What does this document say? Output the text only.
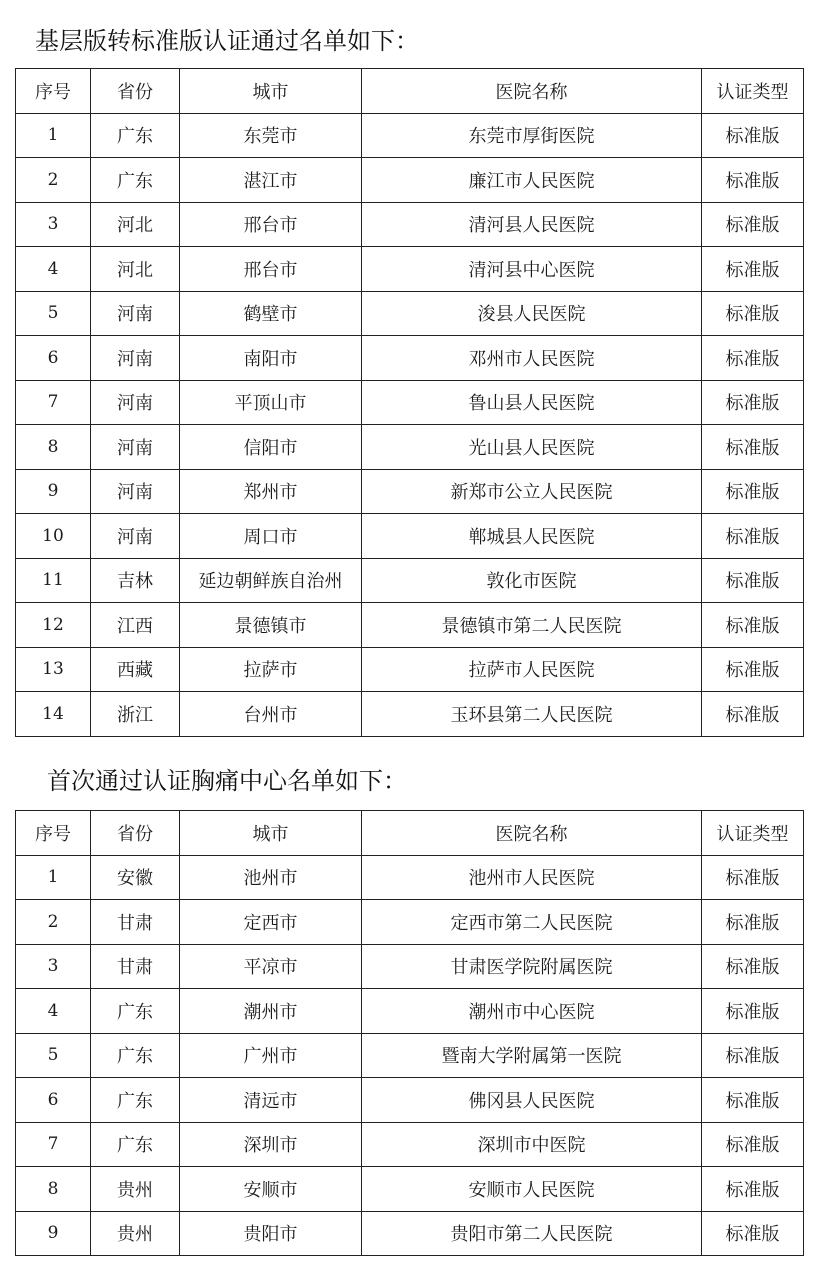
基层版转标准版认证通过名单如下：
序号	省份	城市	医院名称	认证类型
1	广东	东莞市	东莞市厚街医院	标准版
2	广东	湛江市	廉江市人民医院	标准版
3	河北	邢台市	清河县人民医院	标准版
4	河北	邢台市	清河县中心医院	标准版
5	河南	鹤壁市	浚县人民医院	标准版
6	河南	南阳市	邓州市人民医院	标准版
7	河南	平顶山市	鲁山县人民医院	标准版
8	河南	信阳市	光山县人民医院	标准版
9	河南	郑州市	新郑市公立人民医院	标准版
10	河南	周口市	郸城县人民医院	标准版
11	吉林	延边朝鲜族自治州	敦化市医院	标准版
12	江西	景德镇市	景德镇市第二人民医院	标准版
13	西藏	拉萨市	拉萨市人民医院	标准版
14	浙江	台州市	玉环县第二人民医院	标准版
首次通过认证胸痛中心名单如下：
序号	省份	城市	医院名称	认证类型
1	安徽	池州市	池州市人民医院	标准版
2	甘肃	定西市	定西市第二人民医院	标准版
3	甘肃	平凉市	甘肃医学院附属医院	标准版
4	广东	潮州市	潮州市中心医院	标准版
5	广东	广州市	暨南大学附属第一医院	标准版
6	广东	清远市	佛冈县人民医院	标准版
7	广东	深圳市	深圳市中医院	标准版
8	贵州	安顺市	安顺市人民医院	标准版
9	贵州	贵阳市	贵阳市第二人民医院	标准版
